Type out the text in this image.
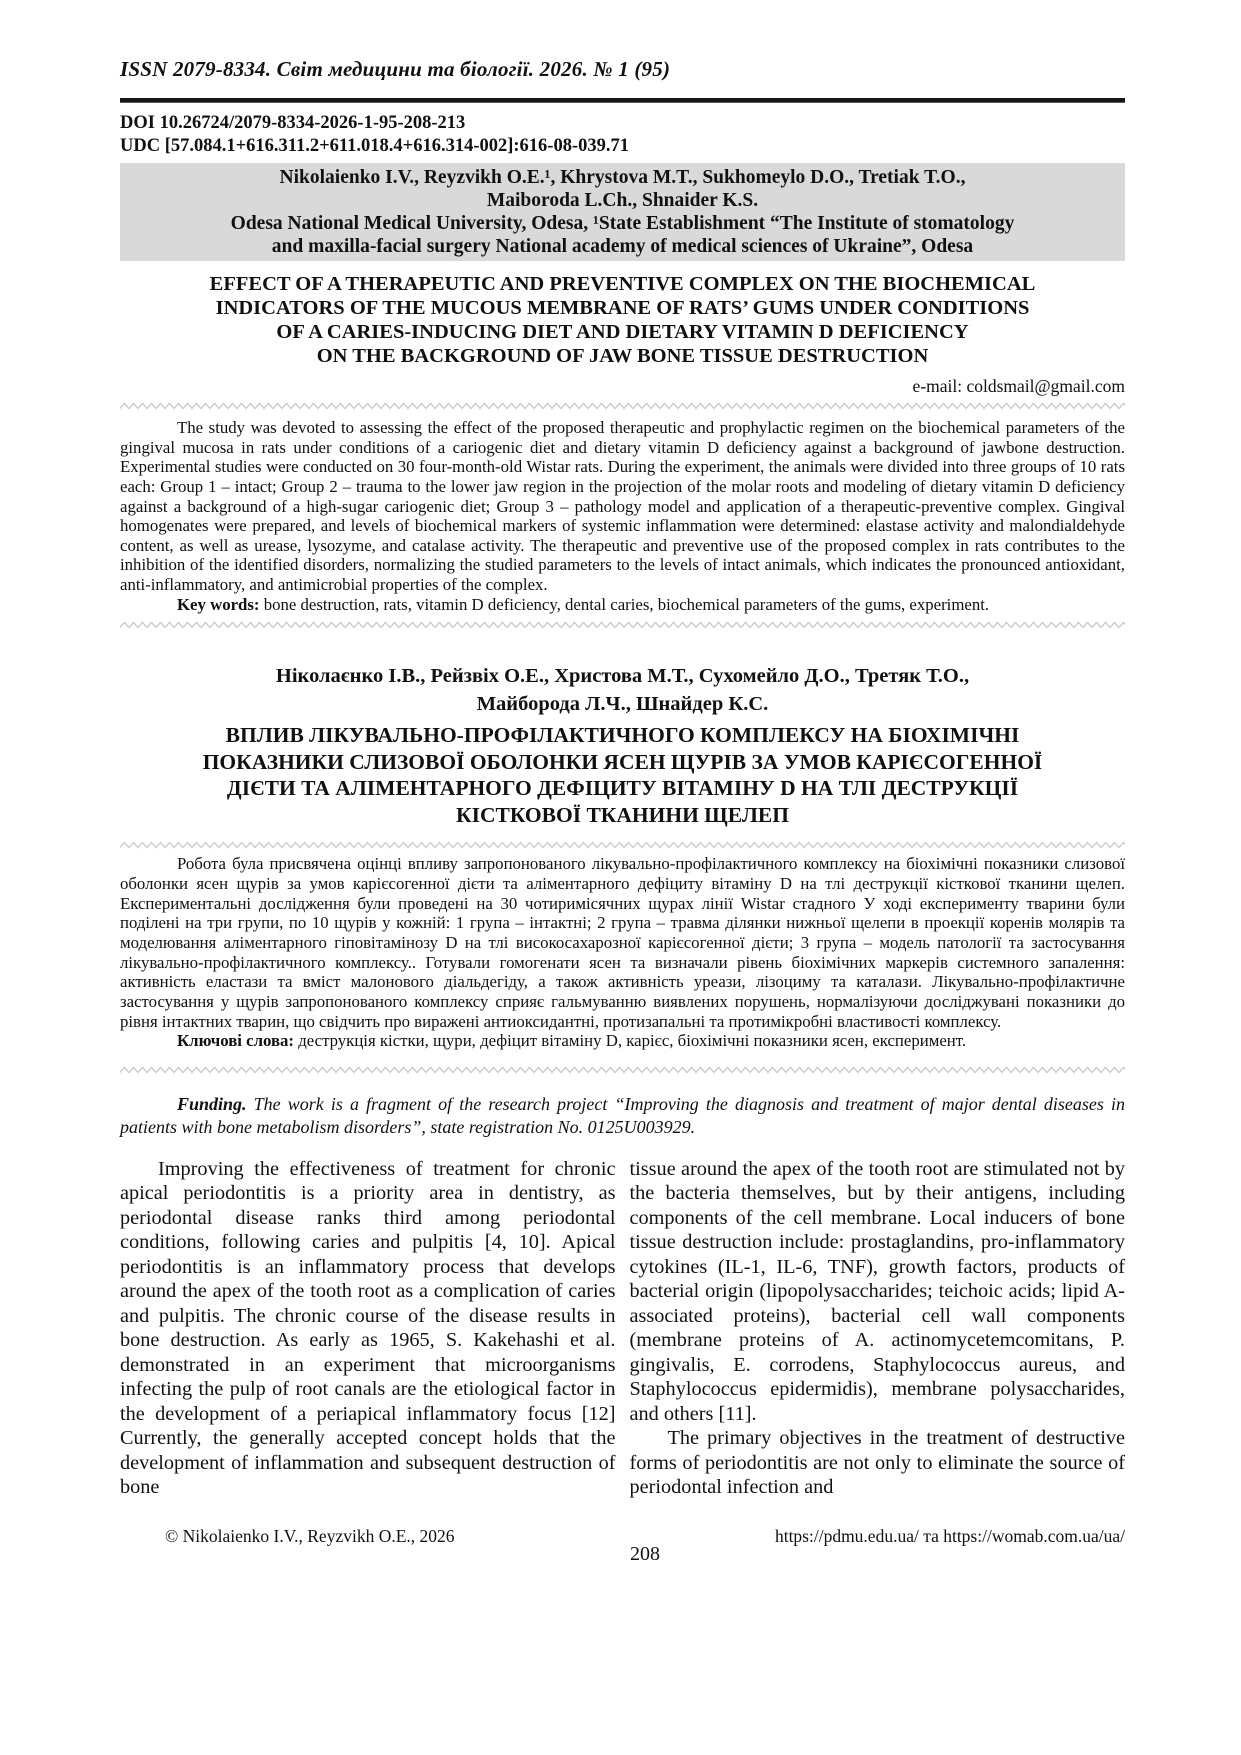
ISSN 2079-8334. Світ медицини та біології. 2026. № 1 (95)
DOI 10.26724/2079-8334-2026-1-95-208-213
UDC [57.084.1+616.311.2+611.018.4+616.314-002]:616-08-039.71
Nikolaienko I.V., Reyzvikh O.E.¹, Khrystova M.T., Sukhomeylo D.O., Tretiak T.O.,
Maiboroda L.Ch., Shnaider K.S.
Odesa National Medical University, Odesa, ¹State Establishment “The Institute of stomatology
and maxilla-facial surgery National academy of medical sciences of Ukraine”, Odesa
EFFECT OF A THERAPEUTIC AND PREVENTIVE COMPLEX ON THE BIOCHEMICAL
INDICATORS OF THE MUCOUS MEMBRANE OF RATS’ GUMS UNDER CONDITIONS
OF A CARIES-INDUCING DIET AND DIETARY VITAMIN D DEFICIENCY
ON THE BACKGROUND OF JAW BONE TISSUE DESTRUCTION
e-mail: coldsmail@gmail.com

The study was devoted to assessing the effect of the proposed therapeutic and prophylactic regimen on the biochemical parameters of the gingival mucosa in rats under conditions of a cariogenic diet and dietary vitamin D deficiency against a background of jawbone destruction. Experimental studies were conducted on 30 four-month-old Wistar rats. During the experiment, the animals were divided into three groups of 10 rats each: Group 1 – intact; Group 2 – trauma to the lower jaw region in the projection of the molar roots and modeling of dietary vitamin D deficiency against a background of a high-sugar cariogenic diet; Group 3 – pathology model and application of a therapeutic-preventive complex. Gingival homogenates were prepared, and levels of biochemical markers of systemic inflammation were determined: elastase activity and malondialdehyde content, as well as urease, lysozyme, and catalase activity. The therapeutic and preventive use of the proposed complex in rats contributes to the inhibition of the identified disorders, normalizing the studied parameters to the levels of intact animals, which indicates the pronounced antioxidant, anti-inflammatory, and antimicrobial properties of the complex.

Key words: bone destruction, rats, vitamin D deficiency, dental caries, biochemical parameters of the gums, experiment.

Ніколаєнко І.В., Рейзвіх О.Е., Христова М.Т., Сухомейло Д.О., Третяк Т.О.,
Майборода Л.Ч., Шнайдер К.С.
ВПЛИВ ЛІКУВАЛЬНО-ПРОФІЛАКТИЧНОГО КОМПЛЕКСУ НА БІОХІМІЧНІ
ПОКАЗНИКИ СЛИЗОВОЇ ОБОЛОНКИ ЯСЕН ЩУРІВ ЗА УМОВ КАРІЄСОГЕННОЇ
ДІЄТИ ТА АЛІМЕНТАРНОГО ДЕФІЦИТУ ВІТАМІНУ D НА ТЛІ ДЕСТРУКЦІЇ
КІСТКОВОЇ ТКАНИНИ ЩЕЛЕП

Робота була присвячена оцінці впливу запропонованого лікувально-профілактичного комплексу на біохімічні показники слизової оболонки ясен щурів за умов карієсогенної дієти та аліментарного дефіциту вітаміну D на тлі деструкції кісткової тканини щелеп. Експериментальні дослідження були проведені на 30 чотиримісячних щурах лінії Wistar стадного У ході експерименту тварини були поділені на три групи, по 10 щурів у кожній: 1 група – інтактні; 2 група – травма ділянки нижньої щелепи в проекції коренів молярів та моделювання аліментарного гіповітамінозу D на тлі високосахарозної карієсогенної дієти; 3 група – модель патології та застосування лікувально-профілактичного комплексу.. Готували гомогенати ясен та визначали рівень біохімічних маркерів системного запалення: активність еластази та вміст малонового діальдегіду, а також активність уреази, лізоциму та каталази. Лікувально-профілактичне застосування у щурів запропонованого комплексу сприяє гальмуванню виявлених порушень, нормалізуючи досліджувані показники до рівня інтактних тварин, що свідчить про виражені антиоксидантні, протизапальні та протимікробні властивості комплексу.

Ключові слова: деструкція кістки, щури, дефіцит вітаміну D, карієс, біохімічні показники ясен, експеримент.

Funding. The work is a fragment of the research project “Improving the diagnosis and treatment of major dental diseases in patients with bone metabolism disorders”, state registration No. 0125U003929.

Improving the effectiveness of treatment for chronic apical periodontitis is a priority area in dentistry, as periodontal disease ranks third among periodontal conditions, following caries and pulpitis [4, 10]. Apical periodontitis is an inflammatory process that develops around the apex of the tooth root as a complication of caries and pulpitis. The chronic course of the disease results in bone destruction. As early as 1965, S. Kakehashi et al. demonstrated in an experiment that microorganisms infecting the pulp of root canals are the etiological factor in the development of a periapical inflammatory focus [12] Currently, the generally accepted concept holds that the development of inflammation and subsequent destruction of bone

tissue around the apex of the tooth root are stimulated not by the bacteria themselves, but by their antigens, including components of the cell membrane. Local inducers of bone tissue destruction include: prostaglandins, pro-inflammatory cytokines (IL-1, IL-6, TNF), growth factors, products of bacterial origin (lipopolysaccharides; teichoic acids; lipid A-associated proteins), bacterial cell wall components (membrane proteins of A. actinomycetemcomitans, P. gingivalis, E. corrodens, Staphylococcus aureus, and Staphylococcus epidermidis), membrane polysaccharides, and others [11].

The primary objectives in the treatment of destructive forms of periodontitis are not only to eliminate the source of periodontal infection and

© Nikolaienko I.V., Reyzvikh O.E., 2026
208
https://pdmu.edu.ua/ та https://womab.com.ua/ua/
